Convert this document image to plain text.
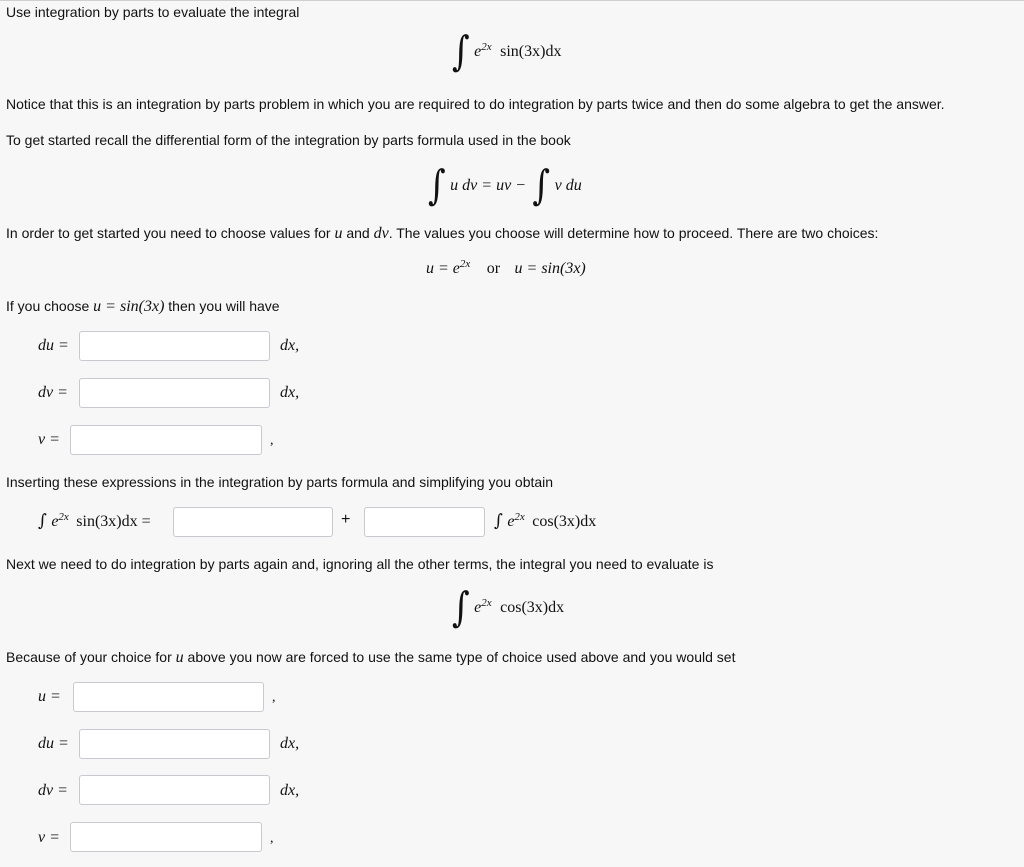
Use integration by parts to evaluate the integral
∫ $e^{2x}$ sin(3x)dx
Notice that this is an integration by parts problem in which you are required to do integration by parts twice and then do some algebra to get the answer.
To get started recall the differential form of the integration by parts formula used in the book
∫ u dv = uv − ∫ v du
In order to get started you need to choose values for u and dv. The values you choose will determine how to proceed. There are two choices:
$u = e^{2x}$ or u = sin(3x)
If you choose u = sin(3x) then you will have
du =	dx,
dv =	dx,
v =	,
Inserting these expressions in the integration by parts formula and simplifying you obtain
∫ $e^{2x}$ sin(3x)dx =	+	∫ $e^{2x}$ cos(3x)dx
Next we need to do integration by parts again and, ignoring all the other terms, the integral you need to evaluate is
∫ $e^{2x}$ cos(3x)dx
Because of your choice for u above you now are forced to use the same type of choice used above and you would set
u =	,
du =	dx,
dv =	dx,
v =	,
